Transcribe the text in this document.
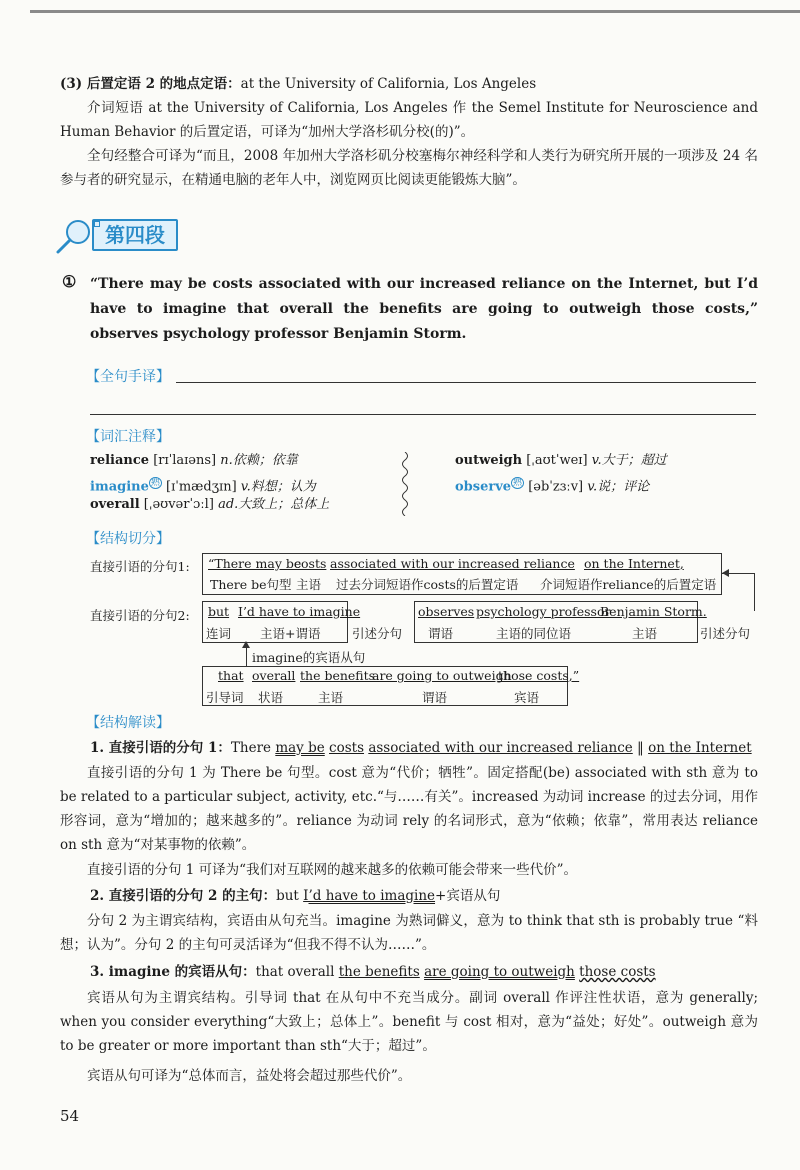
(3) 后置定语 2 的地点定语：at the University of California, Los Angeles

介词短语 at the University of California, Los Angeles 作 the Semel Institute for Neuroscience and Human Behavior 的后置定语，可译为“加州大学洛杉矶分校(的)”。

全句经整合可译为“而且，2008 年加州大学洛杉矶分校塞梅尔神经科学和人类行为研究所开展的一项涉及 24 名参与者的研究显示，在精通电脑的老年人中，浏览网页比阅读更能锻炼大脑”。

第四段
① “There may be costs associated with our increased reliance on the Internet, but I’d have to imagine that overall the benefits are going to outweigh those costs,” observes psychology professor Benjamin Storm.

【全句手译】
【词汇注释】
reliance [rɪˈlaɪəns] n.依赖；依靠
imagine $^熟$ [ɪˈmædʒɪn] v.料想；认为
overall [ˌəʊvərˈɔːl] ad.大致上；总体上
outweigh [ˌaʊtˈweɪ] v.大于；超过
observe $^熟$ [əbˈzɜːv] v.说；评论
【结构切分】
直接引语的分句1: “There may be
There be句型
costs
主语
associated with our increased reliance
过去分词短语作costs的后置定语
on the Internet,
介词短语作reliance的后置定语
直接引语的分句2: but
连词
I’d have to imagine
主语+谓语	引述分句
observes
谓语
psychology professor
主语的同位语
Benjamin Storm.
主语	引述分句
imagine的宾语从句
that
引导词
overall
状语
the benefits
主语
are going to outweigh
谓语
those costs,”
宾语
【结构解读】

1. 直接引语的分句 1：There may be costs associated with our increased reliance ‖ on the Internet

直接引语的分句 1 为 There be 句型。cost 意为“代价；牺牲”。固定搭配(be) associated with sth 意为 to be related to a particular subject, activity, etc.“与……有关”。increased 为动词 increase 的过去分词，用作形容词，意为“增加的；越来越多的”。reliance 为动词 rely 的名词形式，意为“依赖；依靠”，常用表达 reliance on sth 意为“对某事物的依赖”。

直接引语的分句 1 可译为“我们对互联网的越来越多的依赖可能会带来一些代价”。

2. 直接引语的分句 2 的主句：but I’d have to imagine+宾语从句

分句 2 为主谓宾结构，宾语由从句充当。imagine 为熟词僻义，意为 to think that sth is probably true “料想；认为”。分句 2 的主句可灵活译为“但我不得不认为……”。

3. imagine 的宾语从句：that overall the benefits are going to outweigh those costs

宾语从句为主谓宾结构。引导词 that 在从句中不充当成分。副词 overall 作评注性状语，意为 generally; when you consider everything“大致上；总体上”。benefit 与 cost 相对，意为“益处；好处”。outweigh 意为 to be greater or more important than sth“大于；超过”。

宾语从句可译为“总体而言，益处将会超过那些代价”。

54
